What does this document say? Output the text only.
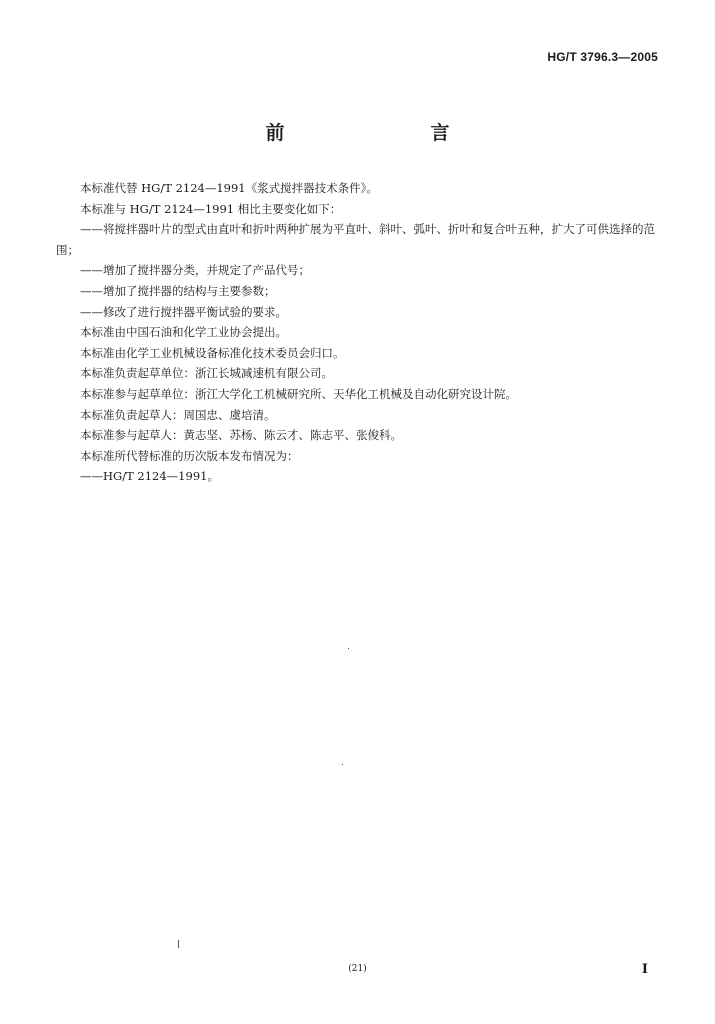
HG/T 3796.3—2005
前　　言

本标准代替 HG/T 2124—1991《浆式搅拌器技术条件》。

本标准与 HG/T 2124—1991 相比主要变化如下：

——将搅拌器叶片的型式由直叶和折叶两种扩展为平直叶、斜叶、弧叶、折叶和复合叶五种，扩大了可供选择的范围；

——增加了搅拌器分类，并规定了产品代号；

——增加了搅拌器的结构与主要参数；

——修改了进行搅拌器平衡试验的要求。

本标准由中国石油和化学工业协会提出。

本标准由化学工业机械设备标准化技术委员会归口。

本标准负责起草单位：浙江长城减速机有限公司。

本标准参与起草单位：浙江大学化工机械研究所、天华化工机械及自动化研究设计院。

本标准负责起草人：周国忠、虞培清。

本标准参与起草人：黄志坚、苏杨、陈云才、陈志平、张俊科。

本标准所代替标准的历次版本发布情况为：

——HG/T 2124—1991。

(21)	I
